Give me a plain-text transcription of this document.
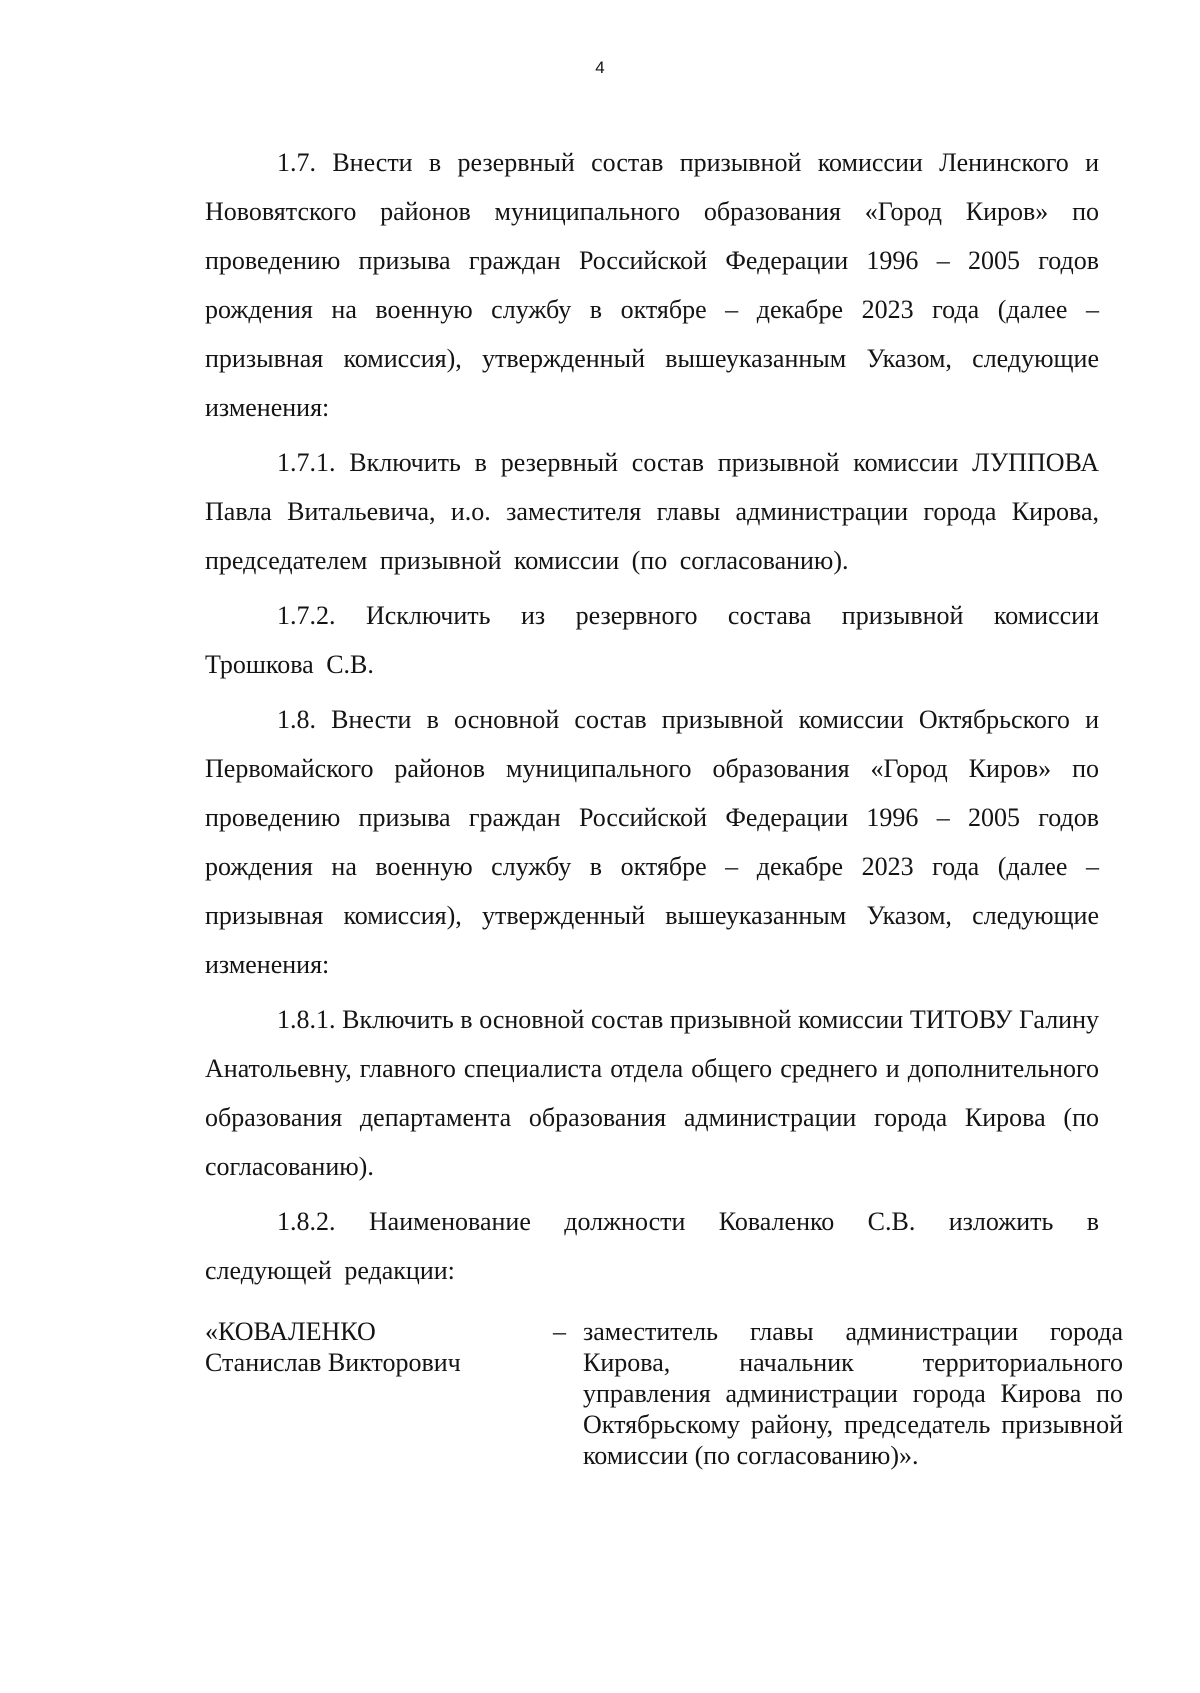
4

1.7. Внести в резервный состав призывной комиссии Ленинского и Нововятского районов муниципального образования «Город Киров» по проведению призыва граждан Российской Федерации 1996 – 2005 годов рождения на военную службу в октябре – декабре 2023 года (далее – призывная комиссия), утвержденный вышеуказанным Указом, следующие изменения:

1.7.1. Включить в резервный состав призывной комиссии ЛУППОВА Павла Витальевича, и.о. заместителя главы администрации города Кирова, председателем призывной комиссии (по согласованию).

1.7.2. Исключить из резервного состава призывной комиссии Трошкова С.В.

1.8. Внести в основной состав призывной комиссии Октябрьского и Первомайского районов муниципального образования «Город Киров» по проведению призыва граждан Российской Федерации 1996 – 2005 годов рождения на военную службу в октябре – декабре 2023 года (далее – призывная комиссия), утвержденный вышеуказанным Указом, следующие изменения:

1.8.1. Включить в основной состав призывной комиссии ТИТОВУ Галину Анатольевну, главного специалиста отдела общего среднего и дополнительного образования департамента образования администрации города Кирова (по согласованию).

1.8.2. Наименование должности Коваленко С.В. изложить в следующей редакции:

«КОВАЛЕНКО
Станислав Викторович
– заместитель главы администрации города Кирова, начальник территориального управления администрации города Кирова по Октябрьскому району, председатель призывной комиссии (по согласованию)».
